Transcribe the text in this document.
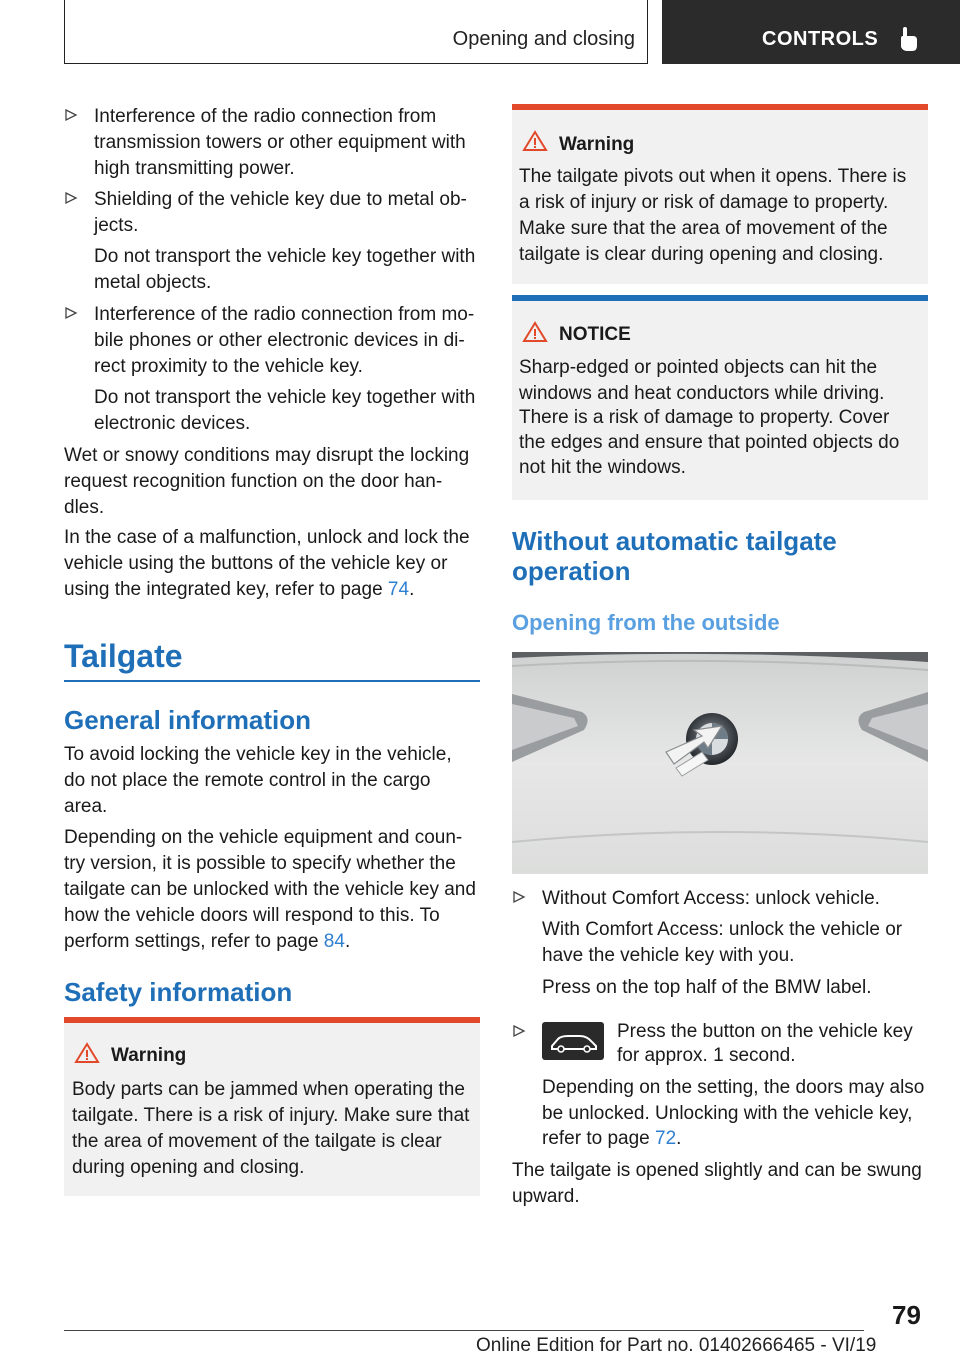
Opening and closing	CONTROLS
Interference of the radio connection from
transmission towers or other equipment with
high transmitting power.
Shielding of the vehicle key due to metal ob-
jects.
Do not transport the vehicle key together with
metal objects.
Interference of the radio connection from mo-
bile phones or other electronic devices in di-
rect proximity to the vehicle key.
Do not transport the vehicle key together with
electronic devices.
Wet or snowy conditions may disrupt the locking
request recognition function on the door han-
dles.
In the case of a malfunction, unlock and lock the
vehicle using the buttons of the vehicle key or
using the integrated key, refer to page 74.
Tailgate
General information
To avoid locking the vehicle key in the vehicle,
do not place the remote control in the cargo
area.
Depending on the vehicle equipment and coun-
try version, it is possible to specify whether the
tailgate can be unlocked with the vehicle key and
how the vehicle doors will respond to this. To
perform settings, refer to page 84.
Safety information
Warning
Body parts can be jammed when operating the
tailgate. There is a risk of injury. Make sure that
the area of movement of the tailgate is clear
during opening and closing.
Warning
The tailgate pivots out when it opens. There is
a risk of injury or risk of damage to property.
Make sure that the area of movement of the
tailgate is clear during opening and closing.
NOTICE
Sharp-edged or pointed objects can hit the
windows and heat conductors while driving.
There is a risk of damage to property. Cover
the edges and ensure that pointed objects do
not hit the windows.
Without automatic tailgate
operation
Opening from the outside
Without Comfort Access: unlock vehicle.
With Comfort Access: unlock the vehicle or
have the vehicle key with you.
Press on the top half of the BMW label.
Press the button on the vehicle key
for approx. 1 second.
Depending on the setting, the doors may also
be unlocked. Unlocking with the vehicle key,
refer to page 72.
The tailgate is opened slightly and can be swung
upward.
79
Online Edition for Part no. 01402666465 - VI/19
